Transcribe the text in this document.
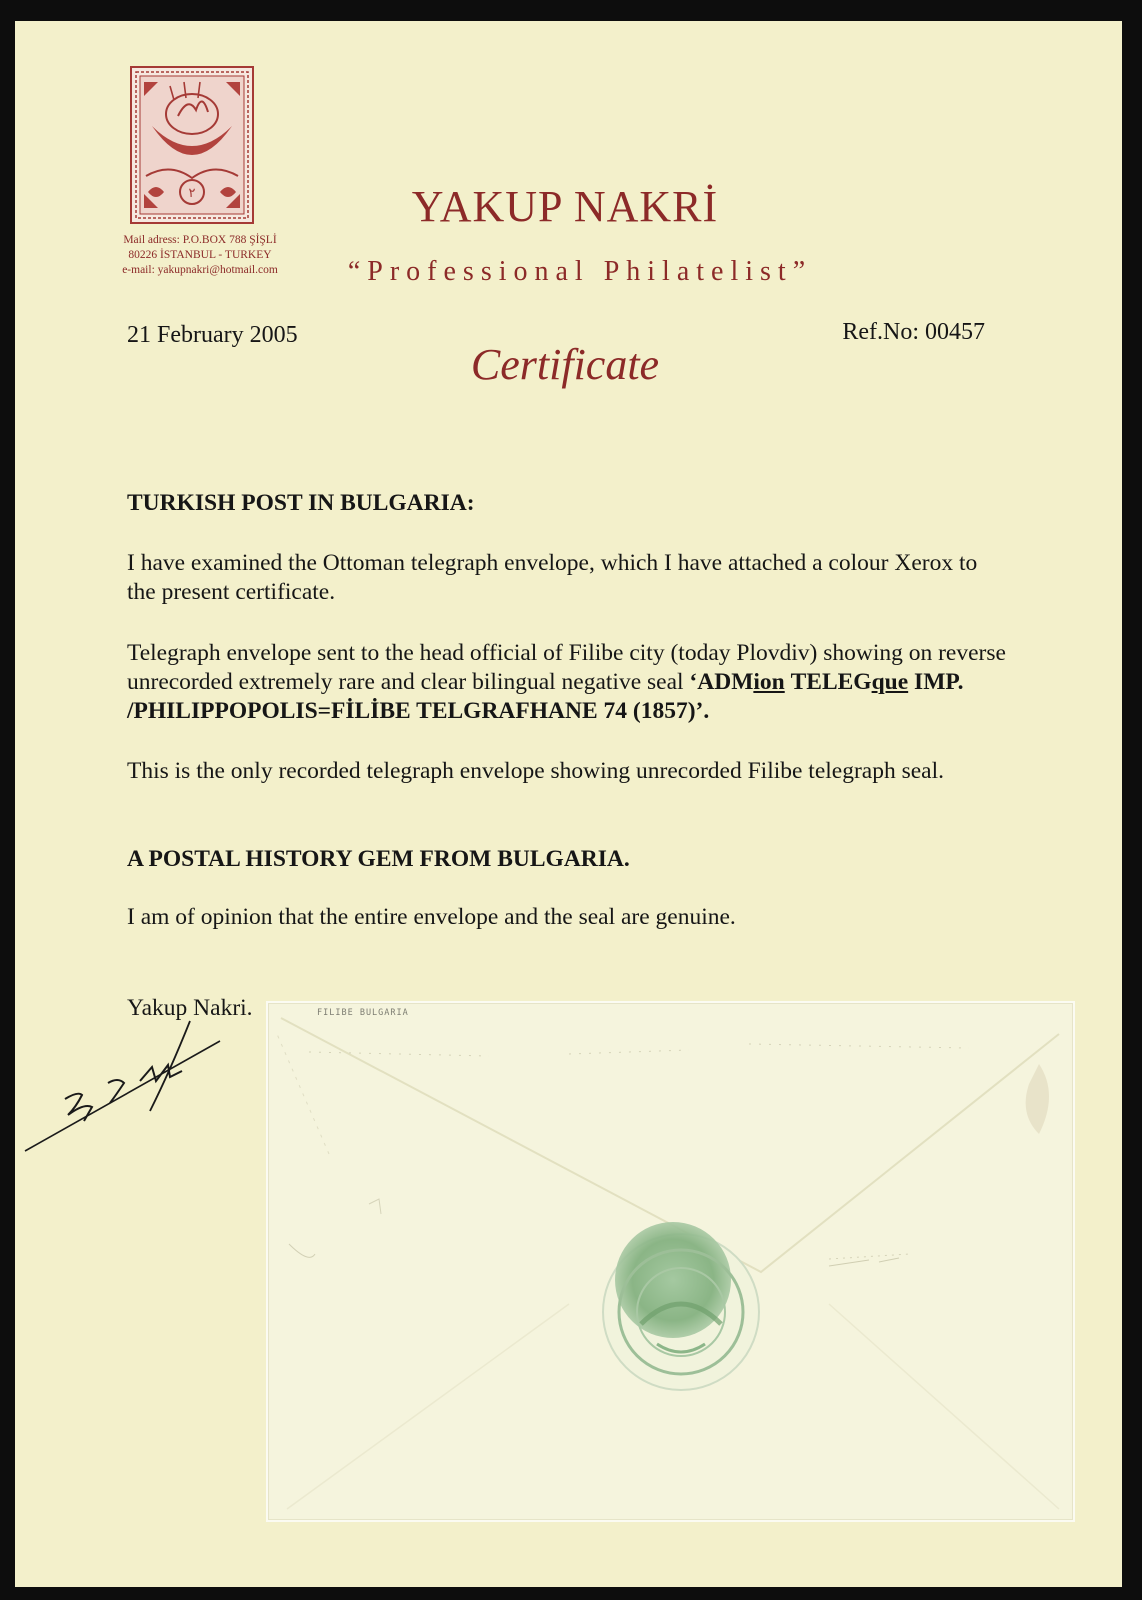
٢
Mail adress: P.O.BOX 788 ŞİŞLİ
80226 İSTANBUL - TURKEY
e-mail: yakupnakri@hotmail.com
YAKUP NAKRİ
“Professional Philatelist”
21 February 2005	Ref.No: 00457
Certificate

TURKISH POST IN BULGARIA:

I have examined the Ottoman telegraph envelope, which I have attached a colour Xerox to the present certificate.

Telegraph envelope sent to the head official of Filibe city (today Plovdiv) showing on reverse unrecorded extremely rare and clear bilingual negative seal ‘ADMion TELEGque IMP. /PHILIPPOPOLIS=FİLİBE TELGRAFHANE 74 (1857)’.

This is the only recorded telegraph envelope showing unrecorded Filibe telegraph seal.

A POSTAL HISTORY GEM FROM BULGARIA.

I am of opinion that the entire envelope and the seal are genuine.

Yakup Nakri.	FILIBE BULGARIA
